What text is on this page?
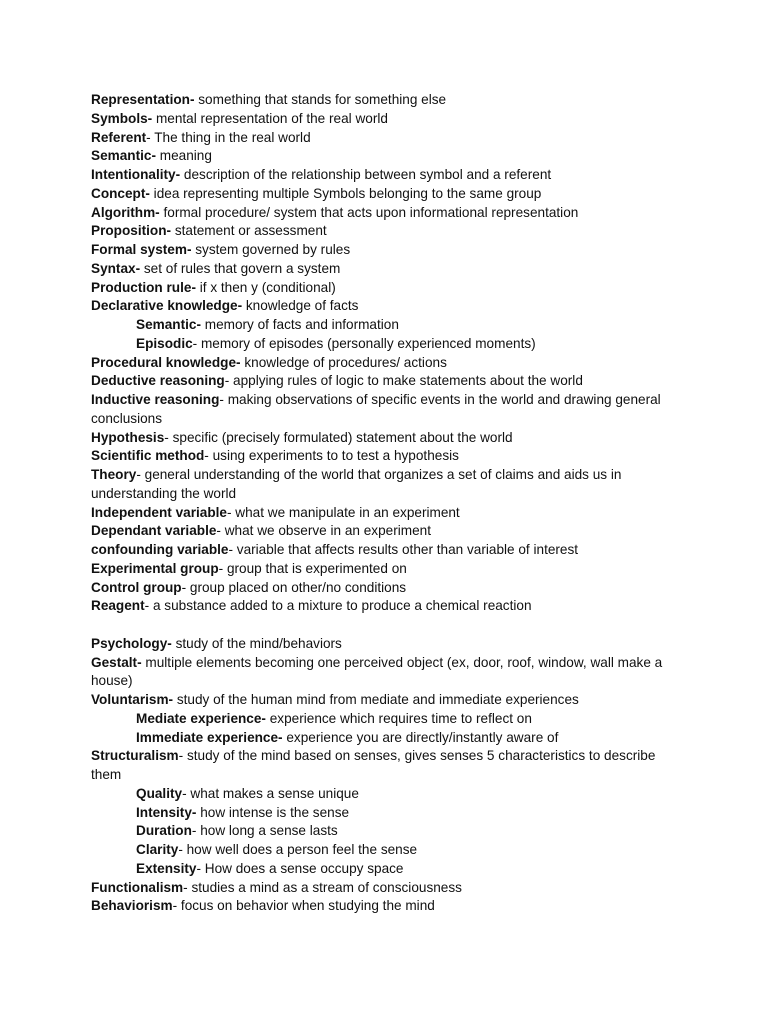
Representation- something that stands for something else

Symbols- mental representation of the real world

Referent- The thing in the real world

Semantic- meaning

Intentionality- description of the relationship between symbol and a referent

Concept- idea representing multiple Symbols belonging to the same group

Algorithm- formal procedure/ system that acts upon informational representation

Proposition- statement or assessment

Formal system- system governed by rules

Syntax- set of rules that govern a system

Production rule- if x then y (conditional)

Declarative knowledge- knowledge of facts

Semantic- memory of facts and information

Episodic- memory of episodes (personally experienced moments)

Procedural knowledge- knowledge of procedures/ actions

Deductive reasoning- applying rules of logic to make statements about the world

Inductive reasoning- making observations of specific events in the world and drawing general conclusions

Hypothesis- specific (precisely formulated) statement about the world

Scientific method- using experiments to to test a hypothesis

Theory- general understanding of the world that organizes a set of claims and aids us in understanding the world

Independent variable- what we manipulate in an experiment

Dependant variable- what we observe in an experiment

confounding variable- variable that affects results other than variable of interest

Experimental group- group that is experimented on

Control group- group placed on other/no conditions

Reagent- a substance added to a mixture to produce a chemical reaction

Psychology- study of the mind/behaviors

Gestalt- multiple elements becoming one perceived object (ex, door, roof, window, wall make a house)

Voluntarism- study of the human mind from mediate and immediate experiences

Mediate experience- experience which requires time to reflect on

Immediate experience- experience you are directly/instantly aware of

Structuralism- study of the mind based on senses, gives senses 5 characteristics to describe them

Quality- what makes a sense unique

Intensity- how intense is the sense

Duration- how long a sense lasts

Clarity- how well does a person feel the sense

Extensity- How does a sense occupy space

Functionalism- studies a mind as a stream of consciousness

Behaviorism- focus on behavior when studying the mind
